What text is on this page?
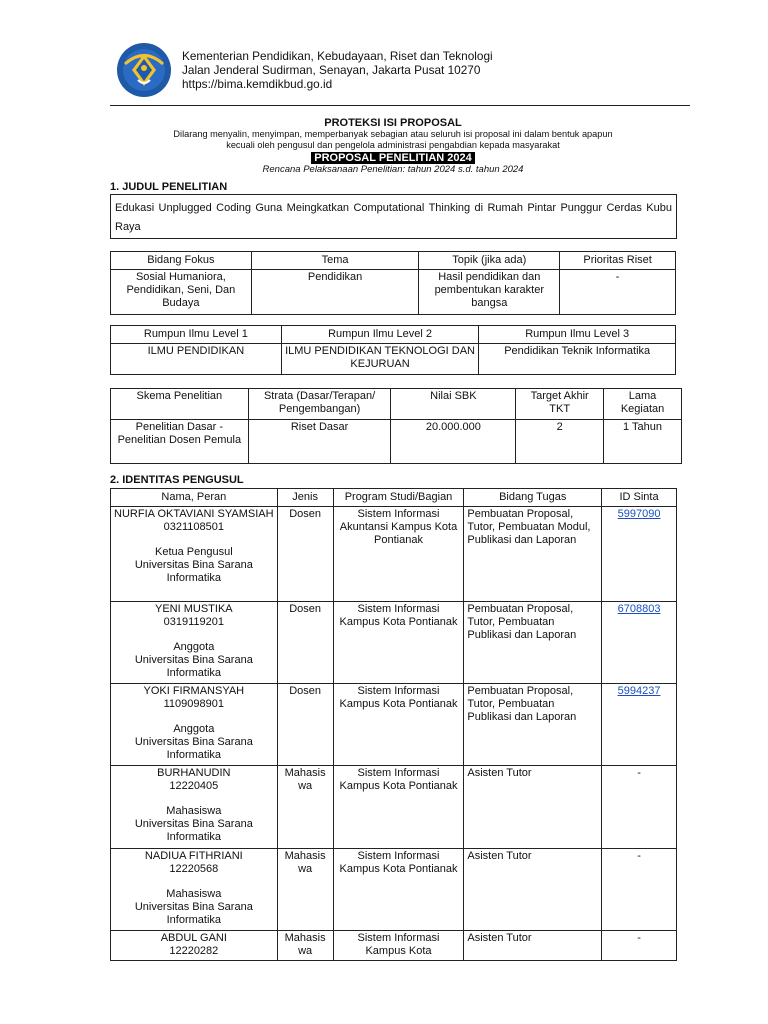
Kementerian Pendidikan, Kebudayaan, Riset dan Teknologi
Jalan Jenderal Sudirman, Senayan, Jakarta Pusat 10270
https://bima.kemdikbud.go.id
PROTEKSI ISI PROPOSAL
Dilarang menyalin, menyimpan, memperbanyak sebagian atau seluruh isi proposal ini dalam bentuk apapun
kecuali oleh pengusul dan pengelola administrasi pengabdian kepada masyarakat
PROPOSAL PENELITIAN 2024
Rencana Pelaksanaan Penelitian: tahun 2024 s.d. tahun 2024
1. JUDUL PENELITIAN
Edukasi Unplugged Coding Guna Meingkatkan Computational Thinking di Rumah Pintar Punggur Cerdas Kubu Raya
Bidang Fokus	Tema	Topik (jika ada)	Prioritas Riset
Sosial Humaniora, Pendidikan, Seni, Dan Budaya	Pendidikan	Hasil pendidikan dan pembentukan karakter bangsa	-
Rumpun Ilmu Level 1	Rumpun Ilmu Level 2	Rumpun Ilmu Level 3
ILMU PENDIDIKAN	ILMU PENDIDIKAN TEKNOLOGI DAN KEJURUAN	Pendidikan Teknik Informatika
Skema Penelitian	Strata (Dasar/Terapan/ Pengembangan)	Nilai SBK	Target Akhir TKT	Lama Kegiatan
Penelitian Dasar - Penelitian Dosen Pemula	Riset Dasar	20.000.000	2	1 Tahun
2. IDENTITAS PENGUSUL
Nama, Peran	Jenis	Program Studi/Bagian	Bidang Tugas	ID Sinta

NURFIA OKTAVIANI SYAMSIAH
0321108501
Ketua Pengusul
Universitas Bina Sarana Informatika	Dosen	Sistem Informasi Akuntansi Kampus Kota Pontianak	Pembuatan Proposal, Tutor, Pembuatan Modul, Publikasi dan Laporan	5997090

YENI MUSTIKA
0319119201
Anggota
Universitas Bina Sarana Informatika	Dosen	Sistem Informasi Kampus Kota Pontianak	Pembuatan Proposal, Tutor, Pembuatan Publikasi dan Laporan	6708803

YOKI FIRMANSYAH
1109098901
Anggota
Universitas Bina Sarana Informatika	Dosen	Sistem Informasi Kampus Kota Pontianak	Pembuatan Proposal, Tutor, Pembuatan Publikasi dan Laporan	5994237

BURHANUDIN
12220405
Mahasiswa
Universitas Bina Sarana Informatika	Mahasiswa	Sistem Informasi Kampus Kota Pontianak	Asisten Tutor	-

NADIUA FITHRIANI
12220568
Mahasiswa
Universitas Bina Sarana Informatika	Mahasiswa	Sistem Informasi Kampus Kota Pontianak	Asisten Tutor	-

ABDUL GANI
12220282	Mahasiswa	Sistem Informasi Kampus Kota	Asisten Tutor	-
